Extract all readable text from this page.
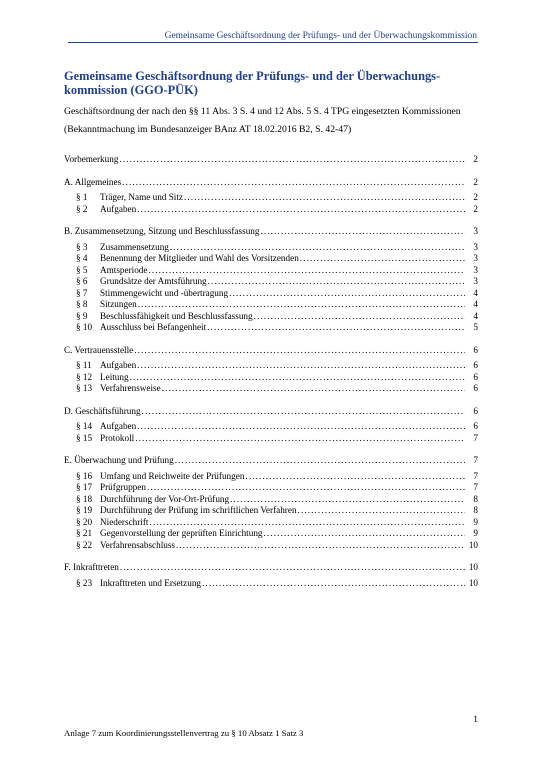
Gemeinsame Geschäftsordnung der Prüfungs- und der Überwachungskommission
Gemeinsame Geschäftsordnung der Prüfungs- und der Überwachungs-kommission (GGO-PÜK)
Geschäftsordnung der nach den §§ 11 Abs. 3 S. 4 und 12 Abs. 5 S. 4 TPG eingesetzten Kommissionen
(Bekanntmachung im Bundesanzeiger BAnz AT 18.02.2016 B2, S. 42-47)
Vorbemerkung .....	2
A. Allgemeines .....	2
§ 1	Träger, Name und Sitz .....	2
§ 2	Aufgaben .....	2
B. Zusammensetzung, Sitzung und Beschlussfassung .....	3
§ 3	Zusammensetzung .....	3
§ 4	Benennung der Mitglieder und Wahl des Vorsitzenden .....	3
§ 5	Amtsperiode .....	3
§ 6	Grundsätze der Amtsführung .....	3
§ 7	Stimmengewicht und -übertragung .....	4
§ 8	Sitzungen .....	4
§ 9	Beschlussfähigkeit und Beschlussfassung .....	4
§ 10 Ausschluss bei Befangenheit .....	5
C. Vertrauensstelle .....	6
§ 11 Aufgaben .....	6
§ 12 Leitung .....	6
§ 13 Verfahrensweise .....	6
D. Geschäftsführung .....	6
§ 14 Aufgaben .....	6
§ 15 Protokoll .....	7
E. Überwachung und Prüfung .....	7
§ 16 Umfang und Reichweite der Prüfungen .....	7
§ 17 Prüfgruppen .....	7
§ 18 Durchführung der Vor-Ort-Prüfung .....	8
§ 19 Durchführung der Prüfung im schriftlichen Verfahren .....	8
§ 20 Niederschrift .....	9
§ 21 Gegenvorstellung der geprüften Einrichtung .....	9
§ 22 Verfahrensabschluss .....	10
F. Inkrafttreten .....	10
§ 23 Inkrafttreten und Ersetzung .....	10
1
Anlage 7 zum Koordinierungsstellenvertrag zu § 10 Absatz 1 Satz 3
